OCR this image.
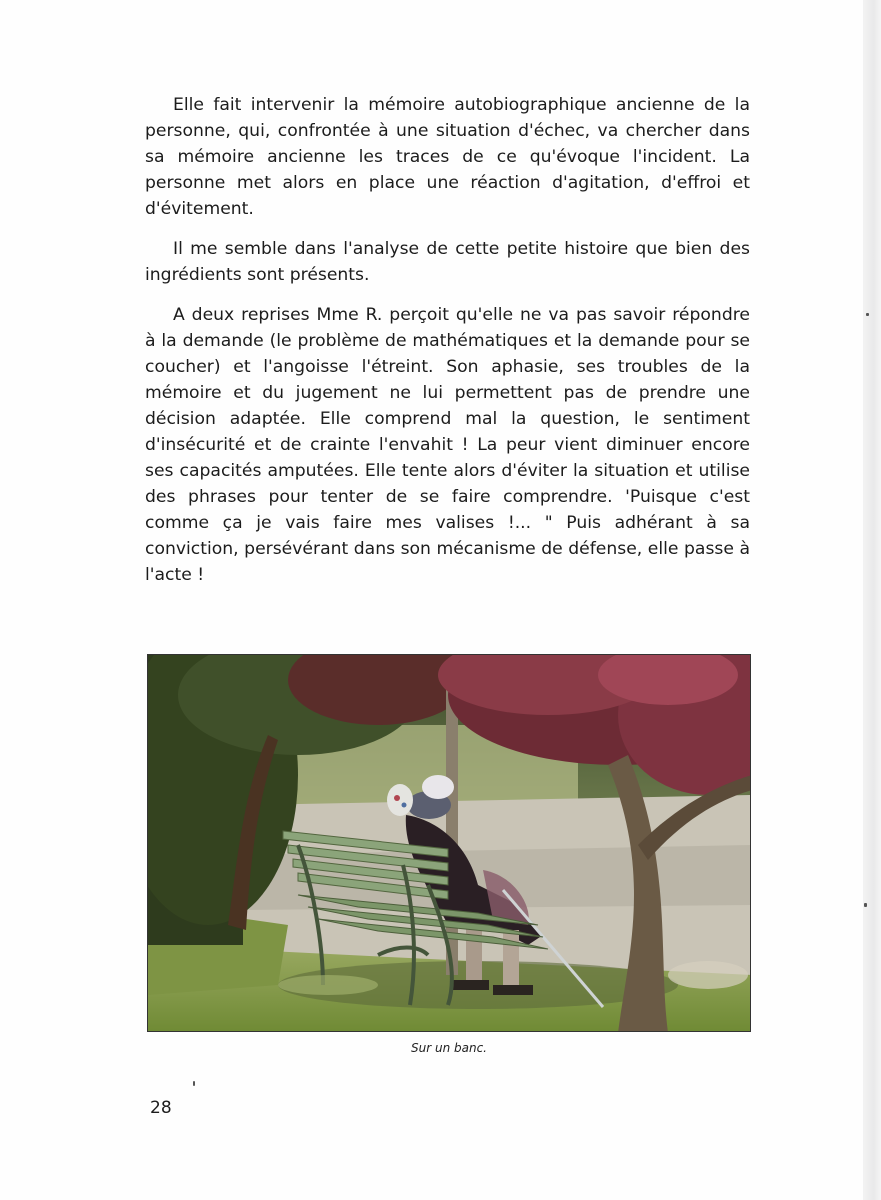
Elle fait intervenir la mémoire autobiographique ancienne de la personne, qui, confrontée à une situation d'échec, va chercher dans sa mémoire ancienne les traces de ce qu'évoque l'incident. La personne met alors en place une réaction d'agitation, d'effroi et d'évitement.

Il me semble dans l'analyse de cette petite histoire que bien des ingrédients sont présents.

A deux reprises Mme R. perçoit qu'elle ne va pas savoir répondre à la demande (le problème de mathématiques et la demande pour se coucher) et l'angoisse l'étreint. Son aphasie, ses troubles de la mémoire et du jugement ne lui permettent pas de prendre une décision adaptée. Elle comprend mal la question, le sentiment d'insécurité et de crainte l'envahit ! La peur vient diminuer encore ses capacités amputées. Elle tente alors d'éviter la situation et utilise des phrases pour tenter de se faire comprendre. 'Puisque c'est comme ça je vais faire mes valises !... " Puis adhérant à sa conviction, persévérant dans son mécanisme de défense, elle passe à l'acte !

Sur un banc.
28
